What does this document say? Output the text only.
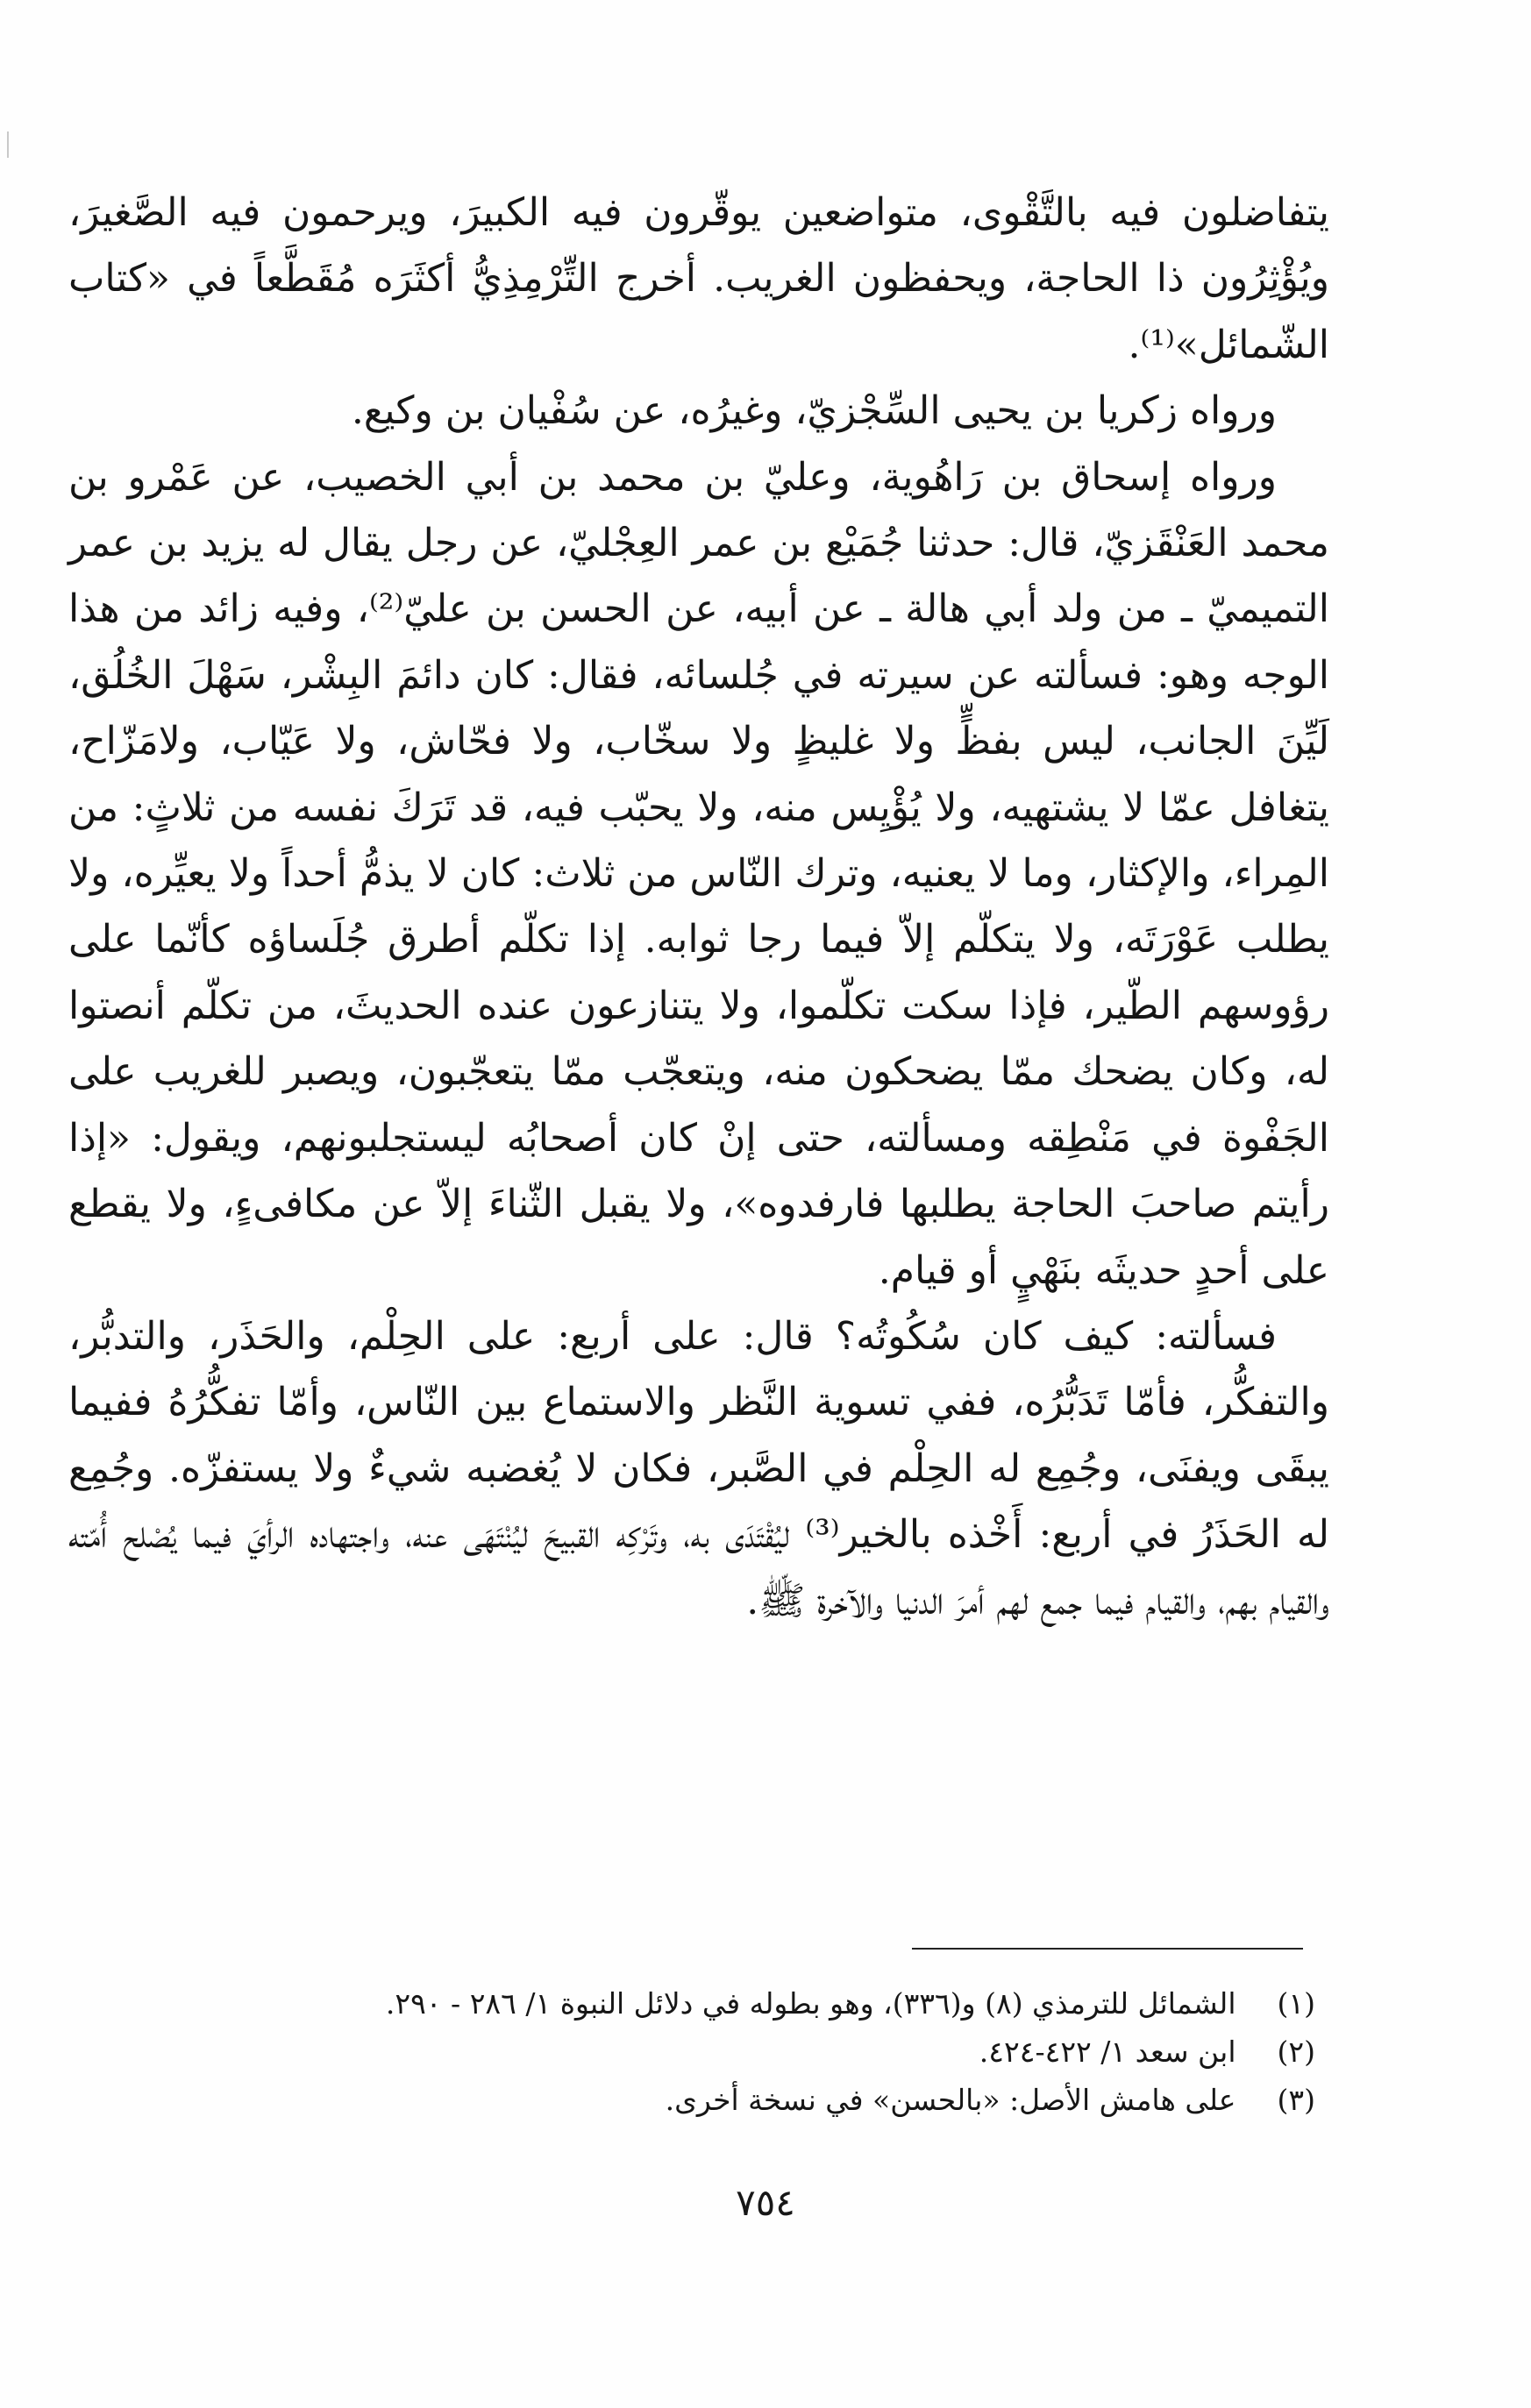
يتفاضلون فيه بالتَّقْوى، متواضعين يوقّرون فيه الكبيرَ، ويرحمون فيه الصَّغيرَ، ويُؤْثِرُون ذا الحاجة، ويحفظون الغريب. أخرج التِّرْمِذِيُّ أكثَرَه مُقَطَّعاً في «كتاب الشّمائل»⁽¹⁾.

ورواه زكريا بن يحيى السِّجْزيّ، وغيرُه، عن سُفْيان بن وكيع.

ورواه إسحاق بن رَاهُوية، وعليّ بن محمد بن أبي الخصيب، عن عَمْرو بن محمد العَنْقَزيّ، قال: حدثنا جُمَيْع بن عمر العِجْليّ، عن رجل يقال له يزيد بن عمر التميميّ ـ من ولد أبي هالة ـ عن أبيه، عن الحسن بن عليّ⁽²⁾، وفيه زائد من هذا الوجه وهو: فسألته عن سيرته في جُلسائه، فقال: كان دائمَ البِشْر، سَهْلَ الخُلُق، لَيِّنَ الجانب، ليس بفظٍّ ولا غليظٍ ولا سخّاب، ولا فحّاش، ولا عَيّاب، ولامَزّاح، يتغافل عمّا لا يشتهيه، ولا يُؤْيِس منه، ولا يحبّب فيه، قد تَرَكَ نفسه من ثلاثٍ: من المِراء، والإكثار، وما لا يعنيه، وترك النّاس من ثلاث: كان لا يذمُّ أحداً ولا يعيِّره، ولا يطلب عَوْرَتَه، ولا يتكلّم إلاّ فيما رجا ثوابه. إذا تكلّم أطرق جُلَساؤه كأنّما على رؤوسهم الطّير، فإذا سكت تكلّموا، ولا يتنازعون عنده الحديثَ، من تكلّم أنصتوا له، وكان يضحك ممّا يضحكون منه، ويتعجّب ممّا يتعجّبون، ويصبر للغريب على الجَفْوة في مَنْطِقه ومسألته، حتى إنْ كان أصحابُه ليستجلبونهم، ويقول: «إذا رأيتم صاحبَ الحاجة يطلبها فارفدوه»، ولا يقبل الثّناءَ إلاّ عن مكافىءٍ، ولا يقطع على أحدٍ حديثَه بنَهْيٍ أو قيام.

فسألته: كيف كان سُكُوتُه؟ قال: على أربع: على الحِلْم، والحَذَر، والتدبُّر، والتفكُّر، فأمّا تَدَبُّرُه، ففي تسوية النَّظر والاستماع بين النّاس، وأمّا تفكُّرُهُ ففيما يبقَى ويفنَى، وجُمِع له الحِلْم في الصَّبر، فكان لا يُغضبه شيءٌ ولا يستفزّه. وجُمِع له الحَذَرُ في أربع: أَخْذه بالخير⁽³⁾ ليُقْتَدَى به، وتَرْكِه القبيحَ ليُنْتَهَى عنه، واجتهاده الرأيَ فيما يُصْلح أُمّته والقيام بهم، والقيام فيما جمع لهم أمرَ الدنيا والآخرة ﷺ.

(١) الشمائل للترمذي (٨) و(٣٣٦)، وهو بطوله في دلائل النبوة ١/ ٢٨٦ - ٢٩٠.
(٢) ابن سعد ١/ ٤٢٢-٤٢٤.
(٣) على هامش الأصل: «بالحسن» في نسخة أخرى.
٧٥٤
